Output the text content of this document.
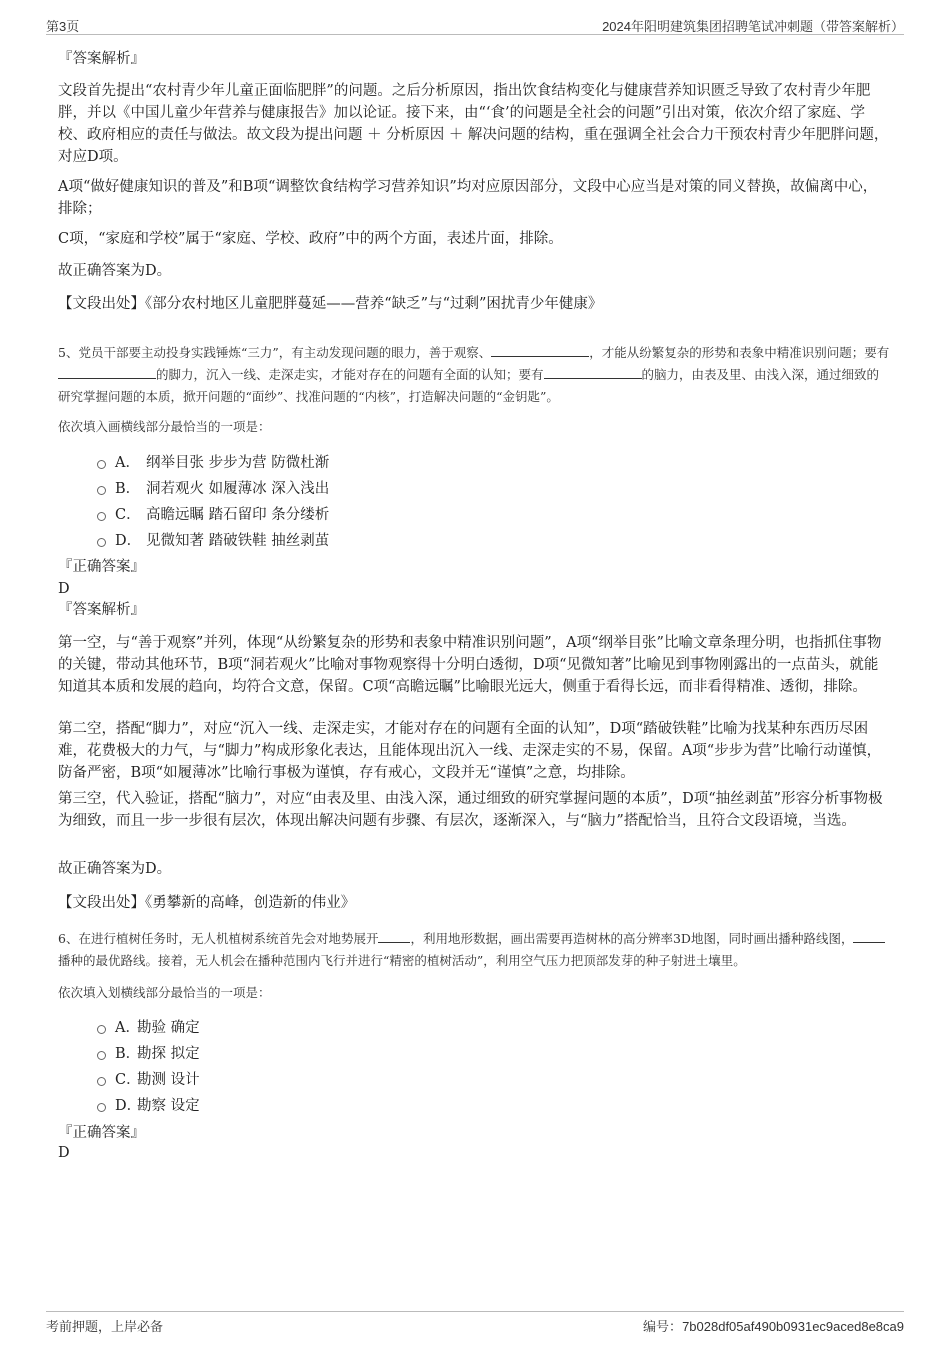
第3页	2024年阳明建筑集团招聘笔试冲刺题（带答案解析）
『答案解析』
文段首先提出“农村青少年儿童正面临肥胖”的问题。之后分析原因，指出饮食结构变化与健康营养知识匮乏导致了农村青少年肥胖，并以《中国儿童少年营养与健康报告》加以论证。接下来，由“‘食’的问题是全社会的问题”引出对策，依次介绍了家庭、学校、政府相应的责任与做法。故文段为提出问题 ＋ 分析原因 ＋ 解决问题的结构，重在强调全社会合力干预农村青少年肥胖问题，对应D项。
A项“做好健康知识的普及”和B项“调整饮食结构学习营养知识”均对应原因部分，文段中心应当是对策的同义替换，故偏离中心，排除；
C项，“家庭和学校”属于“家庭、学校、政府”中的两个方面，表述片面，排除。
故正确答案为D。
【文段出处】《部分农村地区儿童肥胖蔓延——营养“缺乏”与“过剩”困扰青少年健康》
5、党员干部要主动投身实践锤炼“三力”，有主动发现问题的眼力，善于观察、	，才能从纷繁复杂的形势和表象中精准识别问题；要有的脚力，沉入一线、走深走实，才能对存在的问题有全面的认知；要有	的脑力，由表及里、由浅入深，通过细致的研究掌握问题的本质，掀开问题的“面纱”、找准问题的“内核”，打造解决问题的“金钥匙”。
依次填入画横线部分最恰当的一项是：
A． 纲举目张 步步为营 防微杜渐
B． 洞若观火 如履薄冰 深入浅出
C． 高瞻远瞩 踏石留印 条分缕析
D． 见微知著 踏破铁鞋 抽丝剥茧
『正确答案』
D
『答案解析』
第一空，与“善于观察”并列，体现“从纷繁复杂的形势和表象中精准识别问题”，A项“纲举目张”比喻文章条理分明，也指抓住事物的关键，带动其他环节，B项“洞若观火”比喻对事物观察得十分明白透彻，D项“见微知著”比喻见到事物刚露出的一点苗头，就能知道其本质和发展的趋向，均符合文意，保留。C项“高瞻远瞩”比喻眼光远大，侧重于看得长远，而非看得精准、透彻，排除。
第二空，搭配“脚力”，对应“沉入一线、走深走实，才能对存在的问题有全面的认知”，D项“踏破铁鞋”比喻为找某种东西历尽困难，花费极大的力气，与“脚力”构成形象化表达，且能体现出沉入一线、走深走实的不易，保留。A项“步步为营”比喻行动谨慎，防备严密，B项“如履薄冰”比喻行事极为谨慎，存有戒心，文段并无“谨慎”之意，均排除。
第三空，代入验证，搭配“脑力”，对应“由表及里、由浅入深，通过细致的研究掌握问题的本质”，D项“抽丝剥茧”形容分析事物极为细致，而且一步一步很有层次，体现出解决问题有步骤、有层次，逐渐深入，与“脑力”搭配恰当，且符合文段语境，当选。
故正确答案为D。
【文段出处】《勇攀新的高峰，创造新的伟业》
6、在进行植树任务时，无人机植树系统首先会对地势展开	，利用地形数据，画出需要再造树林的高分辨率3D地图，同时画出播种路线图，播种的最优路线。接着，无人机会在播种范围内飞行并进行“精密的植树活动”，利用空气压力把顶部发芽的种子射进土壤里。
依次填入划横线部分最恰当的一项是：
A．
勘验 确定
B．
勘探 拟定
C．
勘测 设计
D．
勘察 设定
『正确答案』
D
考前押题，上岸必备	编号：7b028df05af490b0931ec9aced8e8ca9
